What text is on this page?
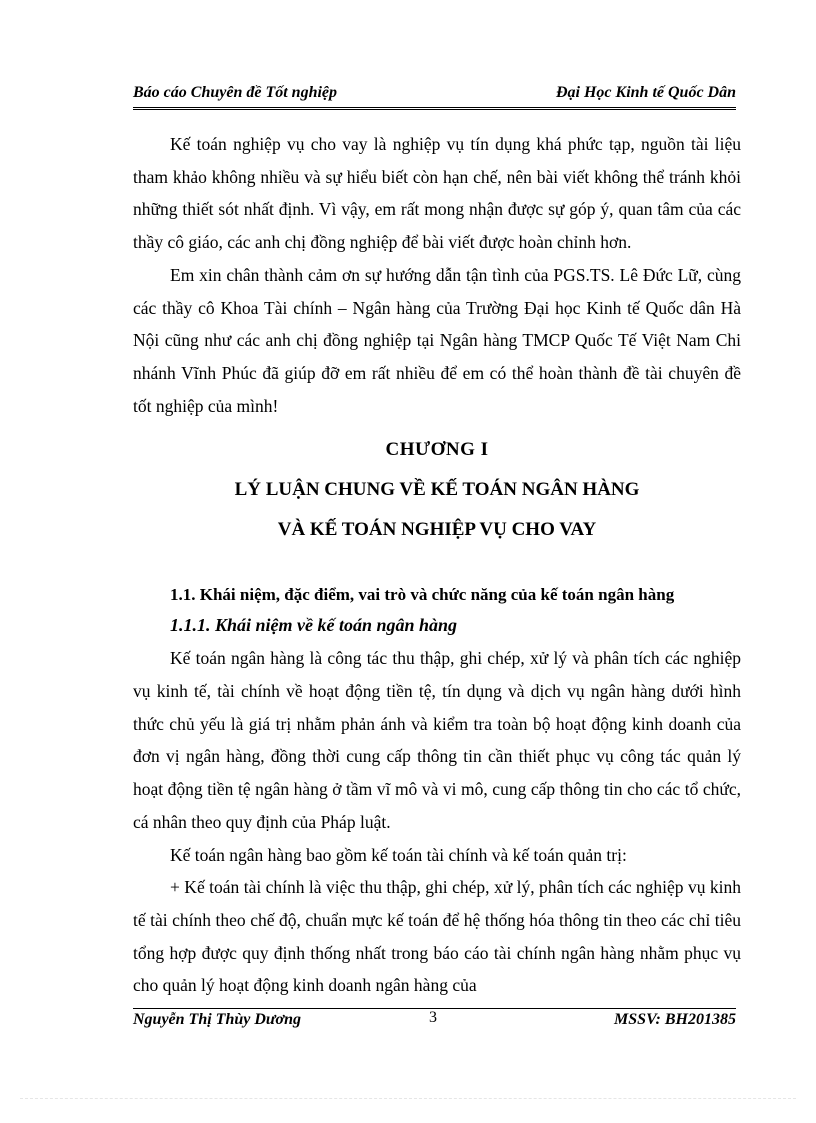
Báo cáo Chuyên đề Tốt nghiệp	Đại Học Kinh tế Quốc Dân

Kế toán nghiệp vụ cho vay là nghiệp vụ tín dụng khá phức tạp, nguồn tài liệu tham khảo không nhiều và sự hiểu biết còn hạn chế, nên bài viết không thể tránh khỏi những thiết sót nhất định. Vì vậy, em rất mong nhận được sự góp ý, quan tâm của các thầy cô giáo, các anh chị đồng nghiệp để bài viết được hoàn chỉnh hơn.

Em xin chân thành cảm ơn sự hướng dẫn tận tình của PGS.TS. Lê Đức Lữ, cùng các thầy cô Khoa Tài chính – Ngân hàng của Trường Đại học Kinh tế Quốc dân Hà Nội cũng như các anh chị đồng nghiệp tại Ngân hàng TMCP Quốc Tế Việt Nam Chi nhánh Vĩnh Phúc đã giúp đỡ em rất nhiều để em có thể hoàn thành đề tài chuyên đề tốt nghiệp của mình!

CHƯƠNG I
LÝ LUẬN CHUNG VỀ KẾ TOÁN NGÂN HÀNG
VÀ KẾ TOÁN NGHIỆP VỤ CHO VAY
1.1. Khái niệm, đặc điểm, vai trò và chức năng của kế toán ngân hàng
1.1.1. Khái niệm về kế toán ngân hàng

Kế toán ngân hàng là công tác thu thập, ghi chép, xử lý và phân tích các nghiệp vụ kinh tế, tài chính về hoạt động tiền tệ, tín dụng và dịch vụ ngân hàng dưới hình thức chủ yếu là giá trị nhằm phản ánh và kiểm tra toàn bộ hoạt động kinh doanh của đơn vị ngân hàng, đồng thời cung cấp thông tin cần thiết phục vụ công tác quản lý hoạt động tiền tệ ngân hàng ở tầm vĩ mô và vi mô, cung cấp thông tin cho các tổ chức, cá nhân theo quy định của Pháp luật.

Kế toán ngân hàng bao gồm kế toán tài chính và kế toán quản trị:

+ Kế toán tài chính là việc thu thập, ghi chép, xử lý, phân tích các nghiệp vụ kinh tế tài chính theo chế độ, chuẩn mực kế toán để hệ thống hóa thông tin theo các chỉ tiêu tổng hợp được quy định thống nhất trong báo cáo tài chính ngân hàng nhằm phục vụ cho quản lý hoạt động kinh doanh ngân hàng của

Nguyễn Thị Thùy Dương	3	MSSV: BH201385
